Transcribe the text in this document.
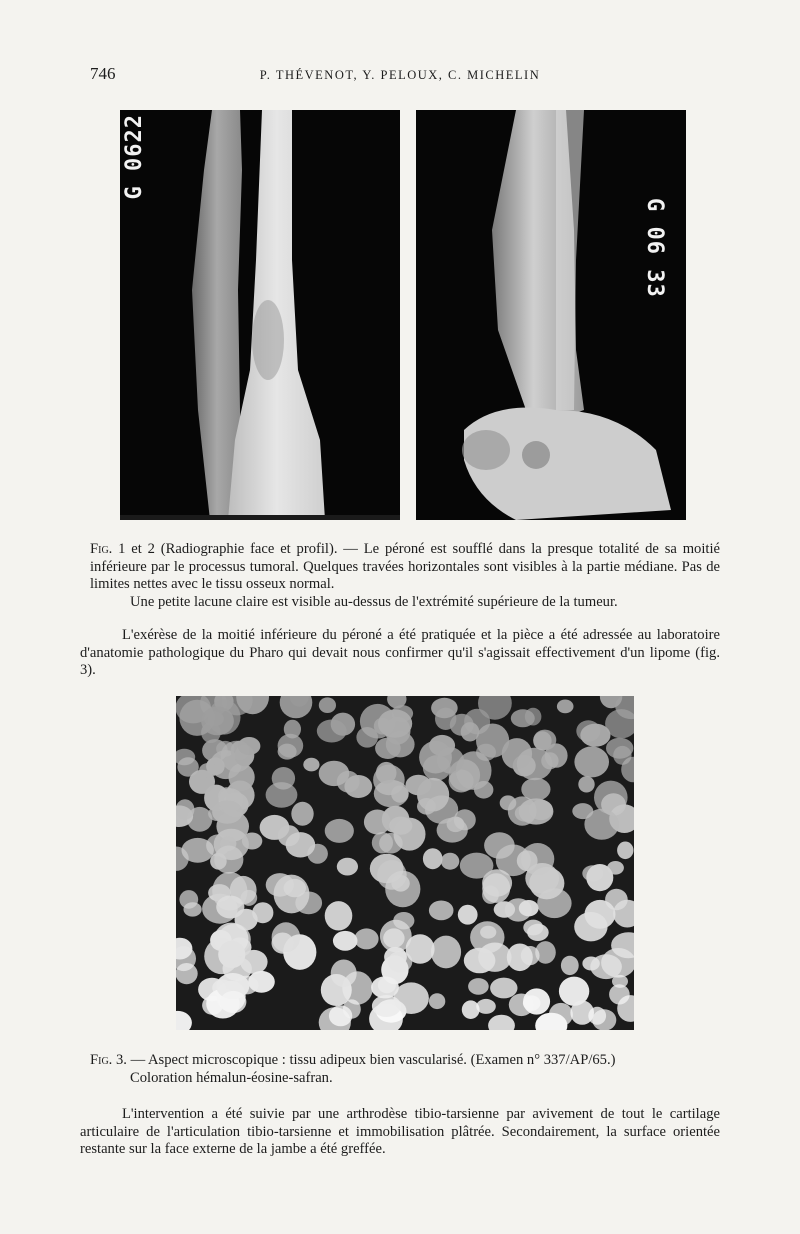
746	P. THÉVENOT, Y. PELOUX, C. MICHELIN
G 0622
G 06 33
Fig. 1 et 2 (Radiographie face et profil). — Le péroné est soufflé dans la presque totalité de sa moitié inférieure par le processus tumoral. Quelques travées horizontales sont visibles à la partie médiane. Pas de limites nettes avec le tissu osseux normal.
Une petite lacune claire est visible au-dessus de l'extrémité supérieure de la tumeur.
L'exérèse de la moitié inférieure du péroné a été pratiquée et la pièce a été adressée au laboratoire d'anatomie pathologique du Pharo qui devait nous confirmer qu'il s'agissait effectivement d'un lipome (fig. 3).
Fig. 3. — Aspect microscopique : tissu adipeux bien vascularisé. (Examen n° 337/AP/65.)
Coloration hémalun-éosine-safran.
L'intervention a été suivie par une arthrodèse tibio-tarsienne par avivement de tout le cartilage articulaire de l'articulation tibio-tarsienne et immobilisation plâtrée. Secondairement, la surface orientée restante sur la face externe de la jambe a été greffée.
